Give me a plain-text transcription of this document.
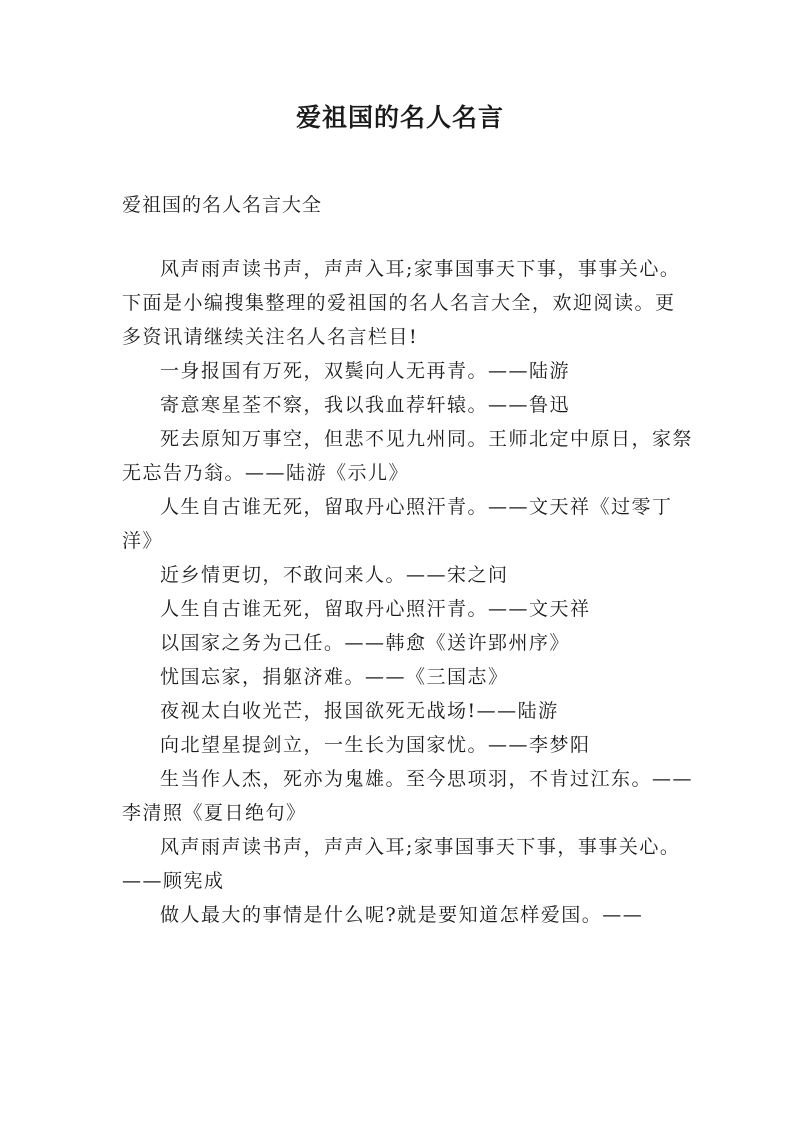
爱祖国的名人名言
爱祖国的名人名言大全

风声雨声读书声，声声入耳;家事国事天下事，事事关心。下面是小编搜集整理的爱祖国的名人名言大全，欢迎阅读。更多资讯请继续关注名人名言栏目!

一身报国有万死，双鬓向人无再青。——陆游

寄意寒星荃不察，我以我血荐轩辕。——鲁迅

死去原知万事空，但悲不见九州同。王师北定中原日，家祭无忘告乃翁。——陆游《示儿》

人生自古谁无死，留取丹心照汗青。——文天祥《过零丁洋》

近乡情更切，不敢问来人。——宋之问

人生自古谁无死，留取丹心照汗青。——文天祥

以国家之务为己任。——韩愈《送许郢州序》

忧国忘家，捐躯济难。——《三国志》

夜视太白收光芒，报国欲死无战场!——陆游

向北望星提剑立，一生长为国家忧。——李梦阳

生当作人杰，死亦为鬼雄。至今思项羽，不肯过江东。——李清照《夏日绝句》

风声雨声读书声，声声入耳;家事国事天下事，事事关心。 ——顾宪成

做人最大的事情是什么呢?就是要知道怎样爱国。——
